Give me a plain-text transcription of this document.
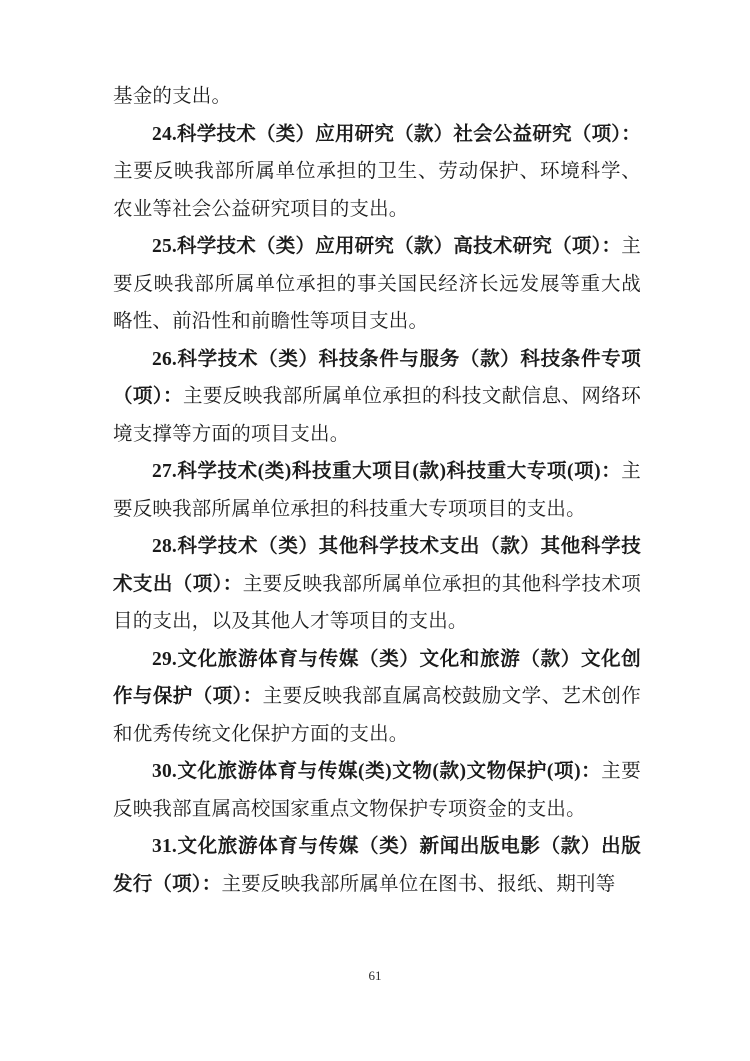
基金的支出。

24.科学技术（类）应用研究（款）社会公益研究（项）：主要反映我部所属单位承担的卫生、劳动保护、环境科学、农业等社会公益研究项目的支出。

25.科学技术（类）应用研究（款）高技术研究（项）：主要反映我部所属单位承担的事关国民经济长远发展等重大战略性、前沿性和前瞻性等项目支出。

26.科学技术（类）科技条件与服务（款）科技条件专项（项）：主要反映我部所属单位承担的科技文献信息、网络环境支撑等方面的项目支出。

27.科学技术(类)科技重大项目(款)科技重大专项(项)：主要反映我部所属单位承担的科技重大专项项目的支出。

28.科学技术（类）其他科学技术支出（款）其他科学技术支出（项）：主要反映我部所属单位承担的其他科学技术项目的支出，以及其他人才等项目的支出。

29.文化旅游体育与传媒（类）文化和旅游（款）文化创作与保护（项）：主要反映我部直属高校鼓励文学、艺术创作和优秀传统文化保护方面的支出。

30.文化旅游体育与传媒(类)文物(款)文物保护(项)：主要反映我部直属高校国家重点文物保护专项资金的支出。

31.文化旅游体育与传媒（类）新闻出版电影（款）出版发行（项）：主要反映我部所属单位在图书、报纸、期刊等

61
